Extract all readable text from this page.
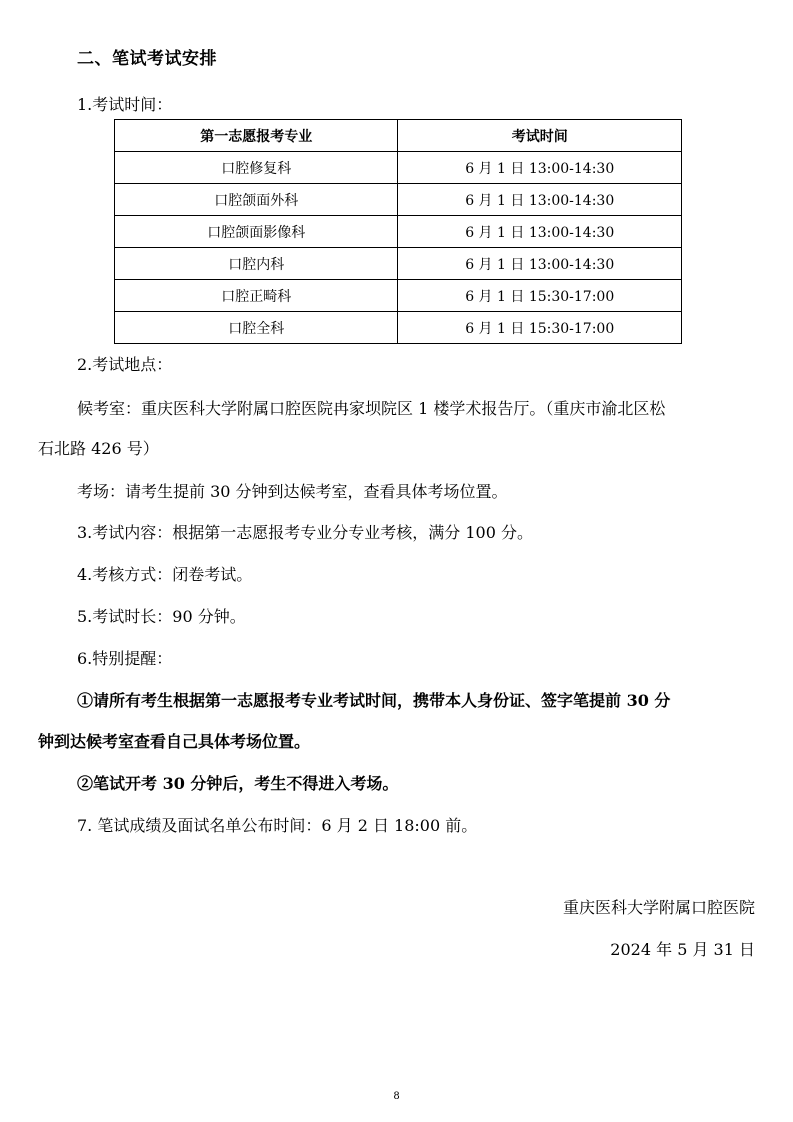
二、笔试考试安排
1.考试时间：
第一志愿报考专业	考试时间
口腔修复科	6 月 1 日 13:00-14:30
口腔颌面外科	6 月 1 日 13:00-14:30
口腔颌面影像科	6 月 1 日 13:00-14:30
口腔内科	6 月 1 日 13:00-14:30
口腔正畸科	6 月 1 日 15:30-17:00
口腔全科	6 月 1 日 15:30-17:00
2.考试地点：
候考室：重庆医科大学附属口腔医院冉家坝院区 1 楼学术报告厅。（重庆市渝北区松
石北路 426 号）
考场：请考生提前 30 分钟到达候考室，查看具体考场位置。
3.考试内容：根据第一志愿报考专业分专业考核，满分 100 分。
4.考核方式：闭卷考试。
5.考试时长：90 分钟。
6.特别提醒：
①请所有考生根据第一志愿报考专业考试时间，携带本人身份证、签字笔提前 30 分
钟到达候考室查看自己具体考场位置。
②笔试开考 30 分钟后，考生不得进入考场。
7. 笔试成绩及面试名单公布时间：6 月 2 日 18:00 前。
重庆医科大学附属口腔医院
2024 年 5 月 31 日
8
